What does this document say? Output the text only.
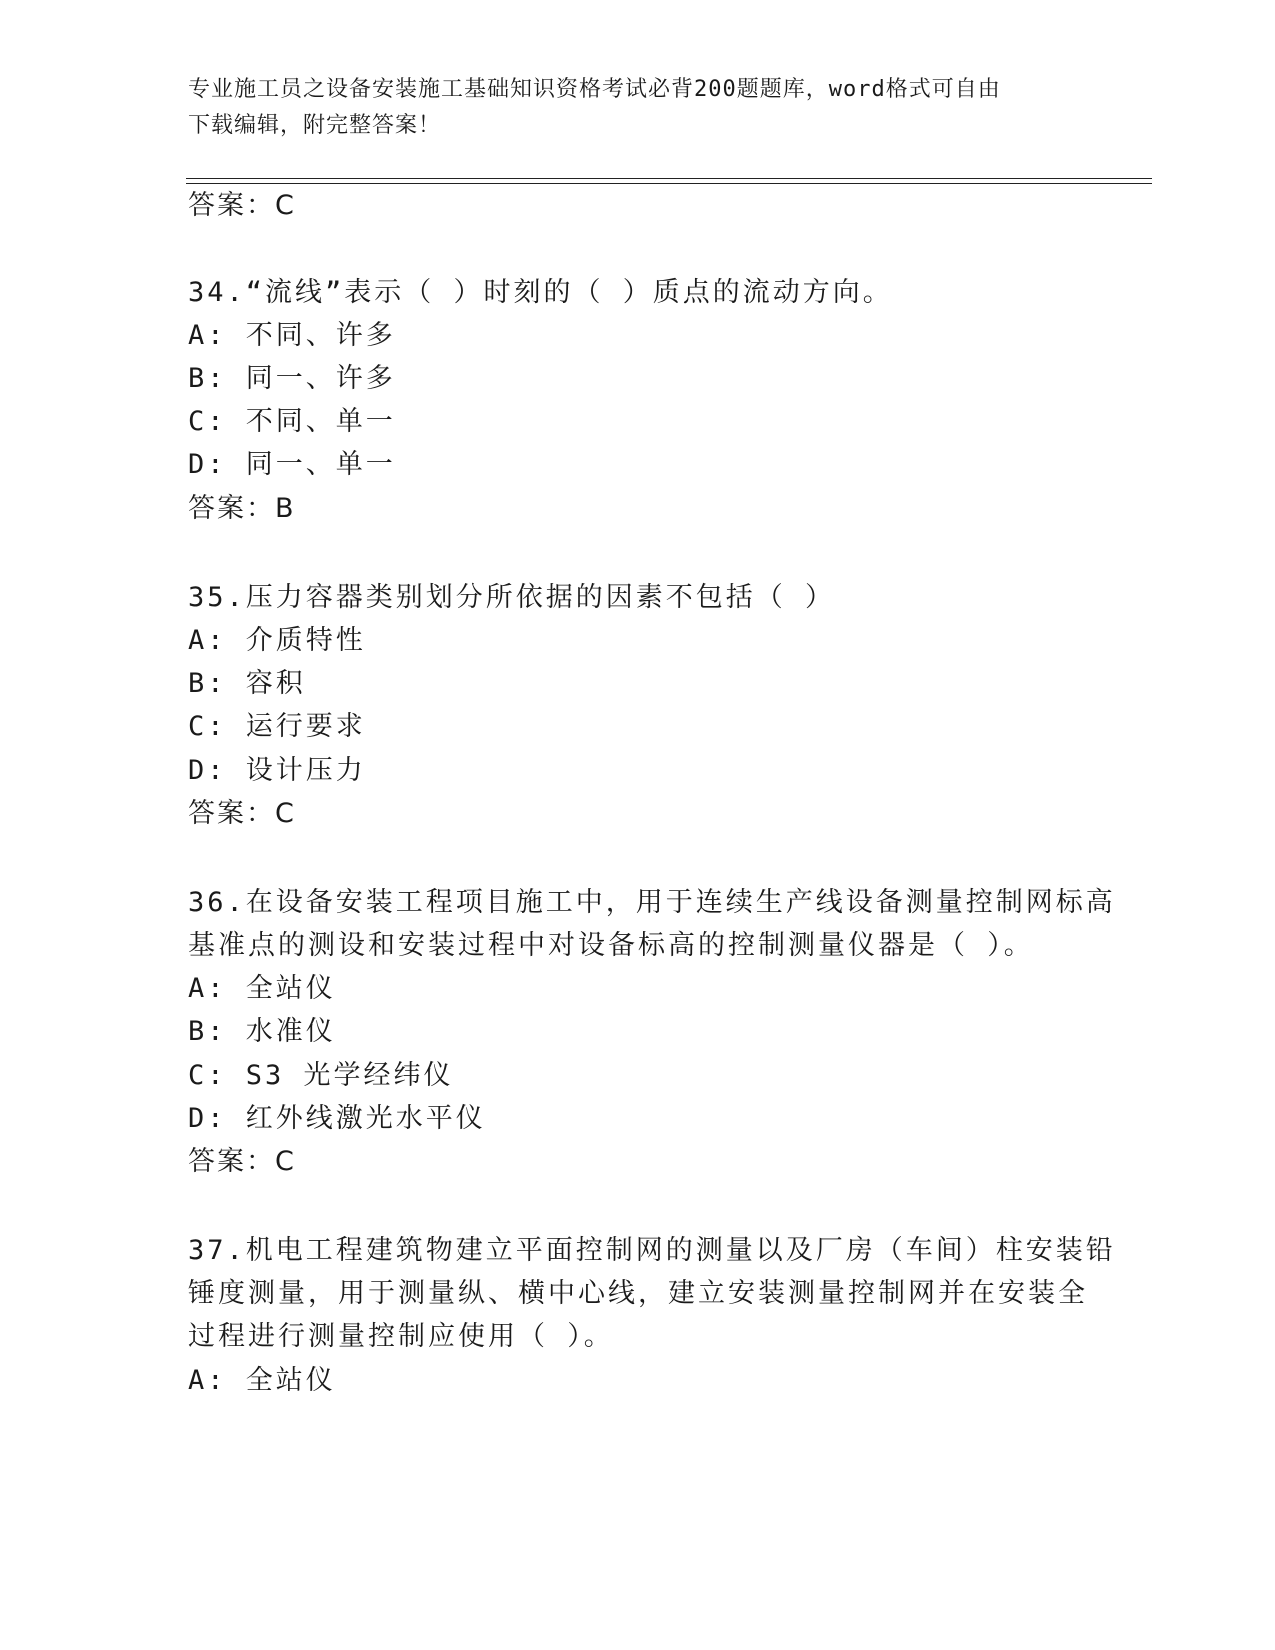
专业施工员之设备安装施工基础知识资格考试必背200题题库，word格式可自由
下载编辑，附完整答案！
答案：C
34.“流线”表示（ ）时刻的（ ）质点的流动方向。
A: 不同、许多
B: 同一、许多
C: 不同、单一
D: 同一、单一
答案：B
35.压力容器类别划分所依据的因素不包括（ ）
A: 介质特性
B: 容积
C: 运行要求
D: 设计压力
答案：C
36.在设备安装工程项目施工中，用于连续生产线设备测量控制网标高
基准点的测设和安装过程中对设备标高的控制测量仪器是（ ）。
A: 全站仪
B: 水准仪
C: S3 光学经纬仪
D: 红外线激光水平仪
答案：C
37.机电工程建筑物建立平面控制网的测量以及厂房（车间）柱安装铅
锤度测量，用于测量纵、横中心线，建立安装测量控制网并在安装全
过程进行测量控制应使用（ ）。
A: 全站仪
